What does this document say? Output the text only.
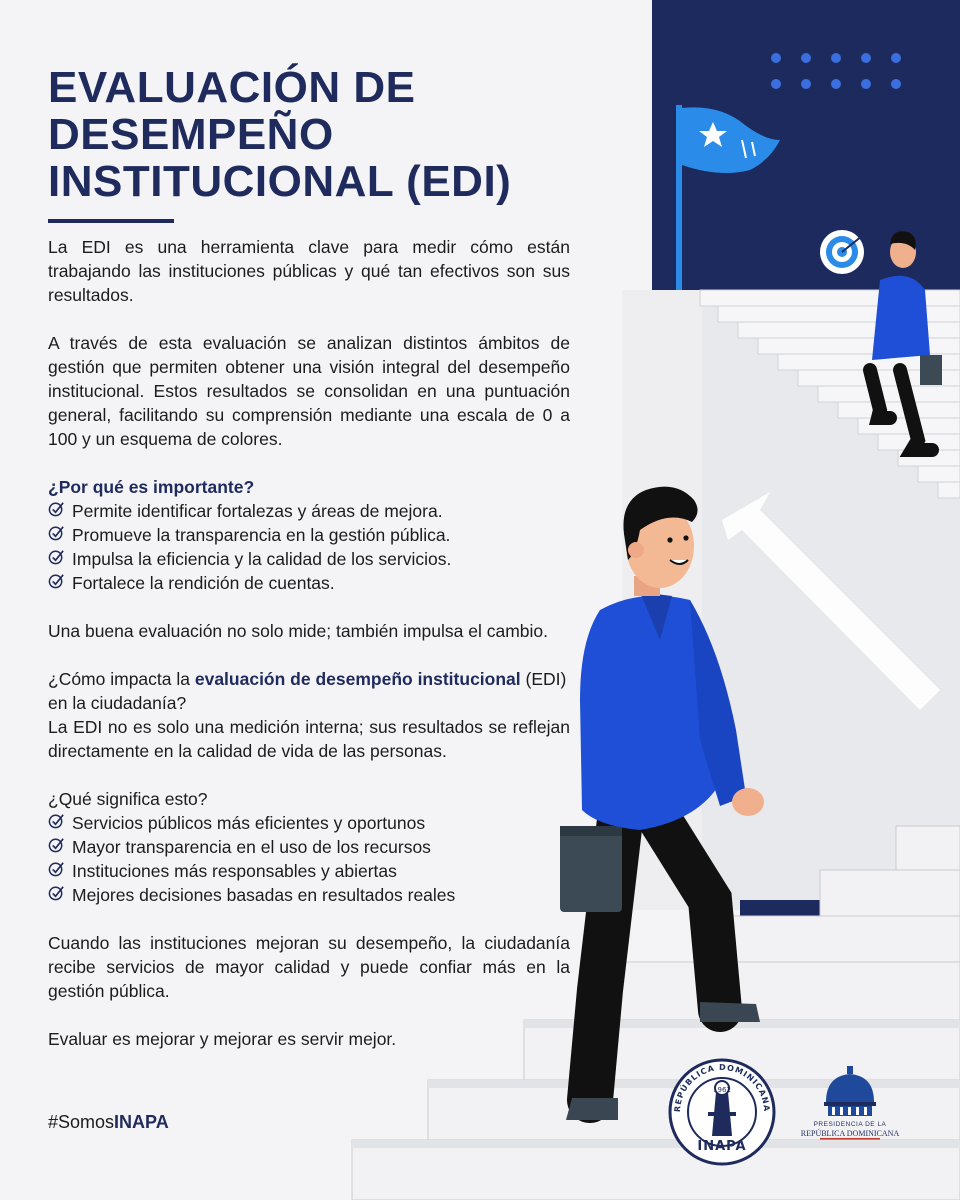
REPÚBLICA DOMINICANA
1962
INAPA
PRESIDENCIA DE LA
REPÚBLICA DOMINICANA
EVALUACIÓN DE
DESEMPEÑO
INSTITUCIONAL (EDI)

La EDI es una herramienta clave para medir cómo están trabajando las instituciones públicas y qué tan efectivos son sus resultados.

A través de esta evaluación se analizan distintos ámbitos de gestión que permiten obtener una visión integral del desempeño institucional. Estos resultados se consolidan en una puntuación general, facilitando su comprensión mediante una escala de 0 a 100 y un esquema de colores.

¿Por qué es importante?

Permite identificar fortalezas y áreas de mejora.
Promueve la transparencia en la gestión pública.
Impulsa la eficiencia y la calidad de los servicios.
Fortalece la rendición de cuentas.

Una buena evaluación no solo mide; también impulsa el cambio.

¿Cómo impacta la evaluación de desempeño institucional (EDI) en la ciudadanía?

La EDI no es solo una medición interna; sus resultados se reflejan directamente en la calidad de vida de las personas.

¿Qué significa esto?

Servicios públicos más eficientes y oportunos
Mayor transparencia en el uso de los recursos
Instituciones más responsables y abiertas
Mejores decisiones basadas en resultados reales

Cuando las instituciones mejoran su desempeño, la ciudadanía recibe servicios de mayor calidad y puede confiar más en la gestión pública.

Evaluar es mejorar y mejorar es servir mejor.

#SomosINAPA
